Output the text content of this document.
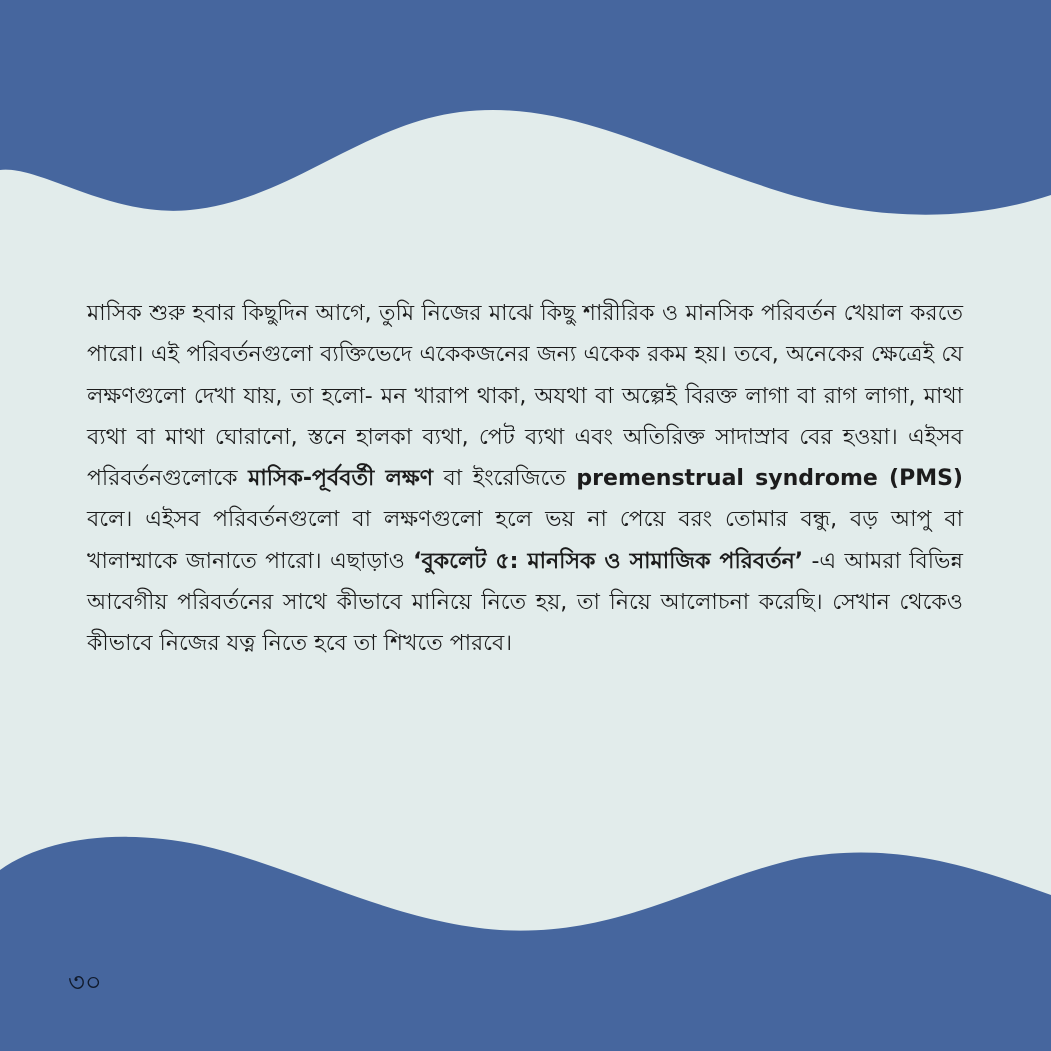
মাসিক শুরু হবার কিছুদিন আগে, তুমি নিজের মাঝে কিছু শারীরিক ও মানসিক পরিবর্তন খেয়াল করতে পারো। এই পরিবর্তনগুলো ব্যক্তিভেদে একেকজনের জন্য একেক রকম হয়। তবে, অনেকের ক্ষেত্রেই যে লক্ষণগুলো দেখা যায়, তা হলো- মন খারাপ থাকা, অযথা বা অল্পেই বিরক্ত লাগা বা রাগ লাগা, মাথা ব্যথা বা মাথা ঘোরানো, স্তনে হালকা ব্যথা, পেট ব্যথা এবং অতিরিক্ত সাদাস্রাব বের হওয়া। এইসব পরিবর্তনগুলোকে মাসিক-পূর্ববর্তী লক্ষণ বা ইংরেজিতে premenstrual syndrome (PMS) বলে। এইসব পরিবর্তনগুলো বা লক্ষণগুলো হলে ভয় না পেয়ে বরং তোমার বন্ধু, বড় আপু বা খালাম্মাকে জানাতে পারো। এছাড়াও ‘বুকলেট ৫: মানসিক ও সামাজিক পরিবর্তন’ -এ আমরা বিভিন্ন আবেগীয় পরিবর্তনের সাথে কীভাবে মানিয়ে নিতে হয়, তা নিয়ে আলোচনা করেছি। সেখান থেকেও কীভাবে নিজের যত্ন নিতে হবে তা শিখতে পারবে।

৩০
